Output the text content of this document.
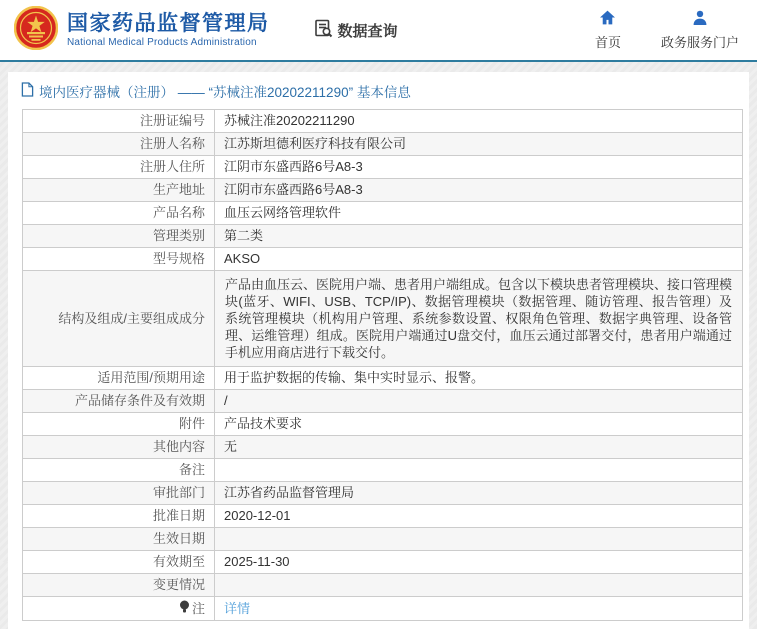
国家药品监督管理局
National Medical Products Administration
数据查询
首页	政务服务门户
境内医疗器械（注册） —— “苏械注准20202211290” 基本信息
注册证编号	苏械注准20202211290
注册人名称	江苏斯坦德利医疗科技有限公司
注册人住所	江阴市东盛西路6号A8-3
生产地址	江阴市东盛西路6号A8-3
产品名称	血压云网络管理软件
管理类别	第二类
型号规格	AKSO
结构及组成/主要组成成分	产品由血压云、医院用户端、患者用户端组成。包含以下模块患者管理模块、接口管理模块(蓝牙、WIFI、USB、TCP/IP)、数据管理模块（数据管理、随访管理、报告管理）及系统管理模块（机构用户管理、系统参数设置、权限角色管理、数据字典管理、设备管理、运维管理）组成。医院用户端通过U盘交付，血压云通过部署交付，患者用户端通过手机应用商店进行下载交付。
适用范围/预期用途	用于监护数据的传输、集中实时显示、报警。
产品储存条件及有效期	/
附件	产品技术要求
其他内容	无
备注	
审批部门	江苏省药品监督管理局
批准日期	2020-12-01
生效日期	
有效期至	2025-11-30
变更情况	

注	详情
